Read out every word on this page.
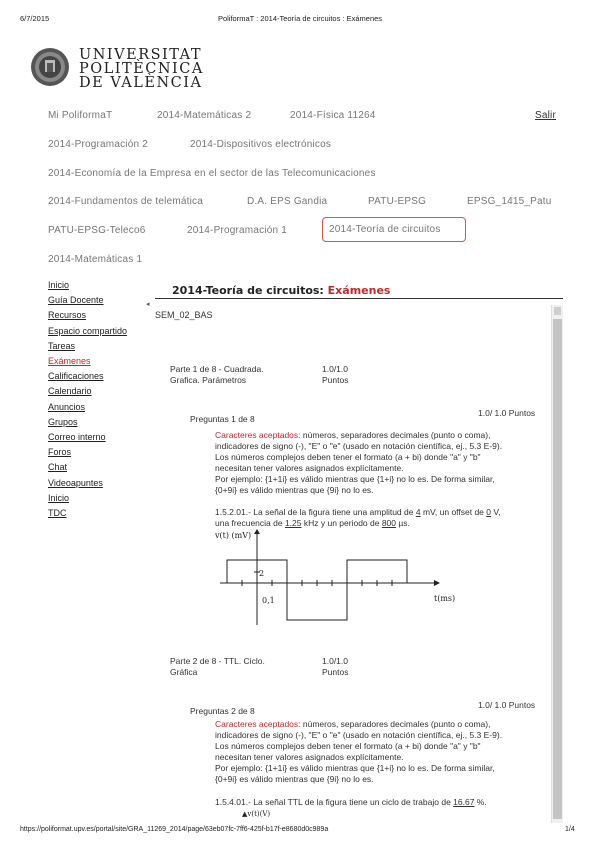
6/7/2015	PoliformaT : 2014-Teoría de circuitos : Exámenes
UNIVERSITAT
POLITÈCNICA
DE VALÈNCIA
Mi PoliformaT	2014-Matemáticas 2	2014-Física 11264	Salir
2014-Programación 2	2014-Dispositivos electrónicos
2014-Economía de la Empresa en el sector de las Telecomunicaciones
2014-Fundamentos de telemática	D.A. EPS Gandia	PATU-EPSG	EPSG_1415_Patu
PATU-EPSG-Teleco6	2014-Programación 1	2014-Teoría de circuitos
2014-Matemáticas 1
Inicio
Guía Docente
Recursos
Espacio compartido
Tareas
Exámenes
Calificaciones
Calendario
Anuncios
Grupos
Correo interno
Foros
Chat
Videoapuntes
Inicio
TDC
◂
2014-Teoría de circuitos: Exámenes
SEM_02_BAS
Parte 1 de 8 - Cuadrada.
Grafica. Parámetros
1.0/1.0
Puntos
Preguntas 1 de 8
1.0/ 1.0 Puntos
Caracteres aceptados: números, separadores decimales (punto o coma),
indicadores de signo (-), "E" o "e" (usado en notación científica, ej., 5.3 E-9).
Los números complejos deben tener el formato (a + bi) donde "a" y "b"
necesitan tener valores asignados explícitamente.
Por ejemplo: {1+1i} es válido mientras que {1+i} no lo es. De forma similar,
{0+9i} es válido mientras que {9i} no lo es.
1.5.2.01.- La señal de la figura tiene una amplitud de 4 mV, un offset de 0 V,
una frecuencia de 1.25 kHz y un periodo de 800 µs.
v(t) (mV)
2
0,1	t(ms)
Parte 2 de 8 - TTL. Ciclo.
Gráfica
1.0/1.0
Puntos
Preguntas 2 de 8
1.0/ 1.0 Puntos
Caracteres aceptados: números, separadores decimales (punto o coma),
indicadores de signo (-), "E" o "e" (usado en notación científica, ej., 5.3 E-9).
Los números complejos deben tener el formato (a + bi) donde "a" y "b"
necesitan tener valores asignados explícitamente.
Por ejemplo: {1+1i} es válido mientras que {1+i} no lo es. De forma similar,
{0+9i} es válido mientras que {9i} no lo es.
1.5.4.01.- La señal TTL de la figura tiene un ciclo de trabajo de 16.67 %.
▲v(t)(V)
https://poliformat.upv.es/portal/site/GRA_11269_2014/page/63eb07fc-7ff6-425f-b17f-e8680d0c989a	1/4
